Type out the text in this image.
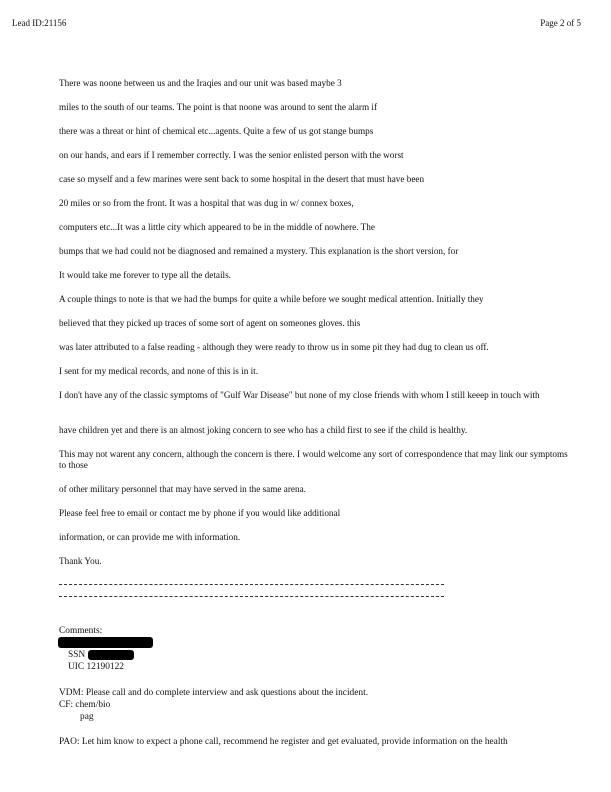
Lead ID:21156	Page 2 of 5
There was noone between us and the Iraqies and our unit was based maybe 3
miles to the south of our teams. The point is that noone was around to sent the alarm if
there was a threat or hint of chemical etc...agents. Quite a few of us got stange bumps
on our hands, and ears if I remember correctly. I was the senior enlisted person with the worst
case so myself and a few marines were sent back to some hospital in the desert that must have been
20 miles or so from the front. It was a hospital that was dug in w/ connex boxes,
computers etc...It was a little city which appeared to be in the middle of nowhere. The
bumps that we had could not be diagnosed and remained a mystery. This explanation is the short version, for
It would take me forever to type all the details.
A couple things to note is that we had the bumps for quite a while before we sought medical attention. Initially they
believed that they picked up traces of some sort of agent on someones gloves. this
was later attributed to a false reading - although they were ready to throw us in some pit they had dug to clean us off.
I sent for my medical records, and none of this is in it.
I don't have any of the classic symptoms of "Gulf War Disease" but none of my close friends with whom I still keeep in touch with
have children yet and there is an almost joking concern to see who has a child first to see if the child is healthy.
This may not warent any concern, although the concern is there. I would welcome any sort of correspondence that may link our symptoms to those
of other military personnel that may have served in the same arena.
Please feel free to email or contact me by phone if you would like additional
information, or can provide me with information.
Thank You.
Comments:
SSN
UIC 12190122
VDM: Please call and do complete interview and ask questions about the incident.
CF: chem/bio
pag
PAO: Let him know to expect a phone call, recommend he register and get evaluated, provide information on the health
